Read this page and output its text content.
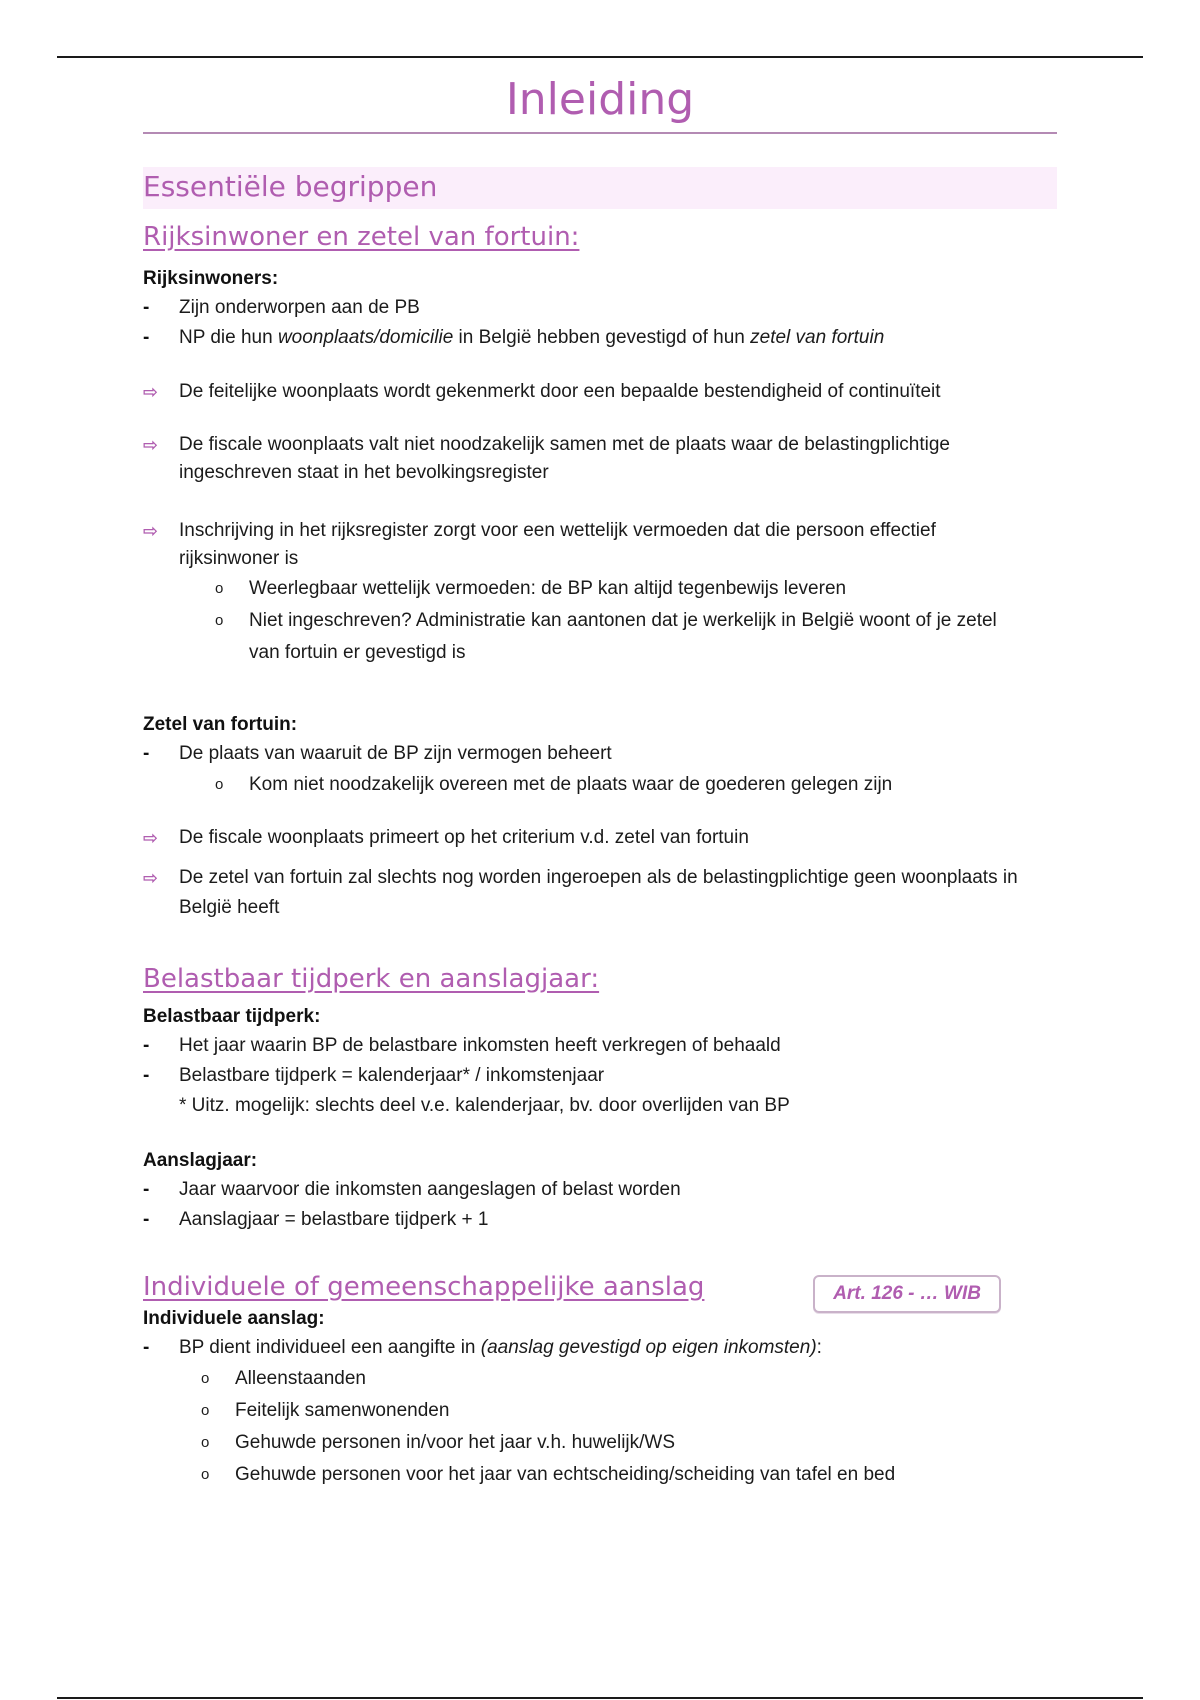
Inleiding
Essentiële begrippen
Rijksinwoner en zetel van fortuin:
Rijksinwoners:
-	Zijn onderworpen aan de PB
-	NP die hun woonplaats/domicilie in België hebben gevestigd of hun zetel van fortuin
⇨	De feitelijke woonplaats wordt gekenmerkt door een bepaalde bestendigheid of continuïteit
⇨	De fiscale woonplaats valt niet noodzakelijk samen met de plaats waar de belastingplichtige ingeschreven staat in het bevolkingsregister
⇨	Inschrijving in het rijksregister zorgt voor een wettelijk vermoeden dat die persoon effectief rijksinwoner is
o	Weerlegbaar wettelijk vermoeden: de BP kan altijd tegenbewijs leveren
o	Niet ingeschreven? Administratie kan aantonen dat je werkelijk in België woont of je zetel van fortuin er gevestigd is
Zetel van fortuin:
-	De plaats van waaruit de BP zijn vermogen beheert
o	Kom niet noodzakelijk overeen met de plaats waar de goederen gelegen zijn
⇨	De fiscale woonplaats primeert op het criterium v.d. zetel van fortuin
⇨	De zetel van fortuin zal slechts nog worden ingeroepen als de belastingplichtige geen woonplaats in België heeft
Belastbaar tijdperk en aanslagjaar:
Belastbaar tijdperk:
-	Het jaar waarin BP de belastbare inkomsten heeft verkregen of behaald
-	Belastbare tijdperk = kalenderjaar* / inkomstenjaar
* Uitz. mogelijk: slechts deel v.e. kalenderjaar, bv. door overlijden van BP
Aanslagjaar:
-	Jaar waarvoor die inkomsten aangeslagen of belast worden
-	Aanslagjaar = belastbare tijdperk + 1
Individuele of gemeenschappelijke aanslag	Art. 126 - … WIB
Individuele aanslag:
-	BP dient individueel een aangifte in (aanslag gevestigd op eigen inkomsten):
o	Alleenstaanden
o	Feitelijk samenwonenden
o	Gehuwde personen in/voor het jaar v.h. huwelijk/WS
o	Gehuwde personen voor het jaar van echtscheiding/scheiding van tafel en bed
